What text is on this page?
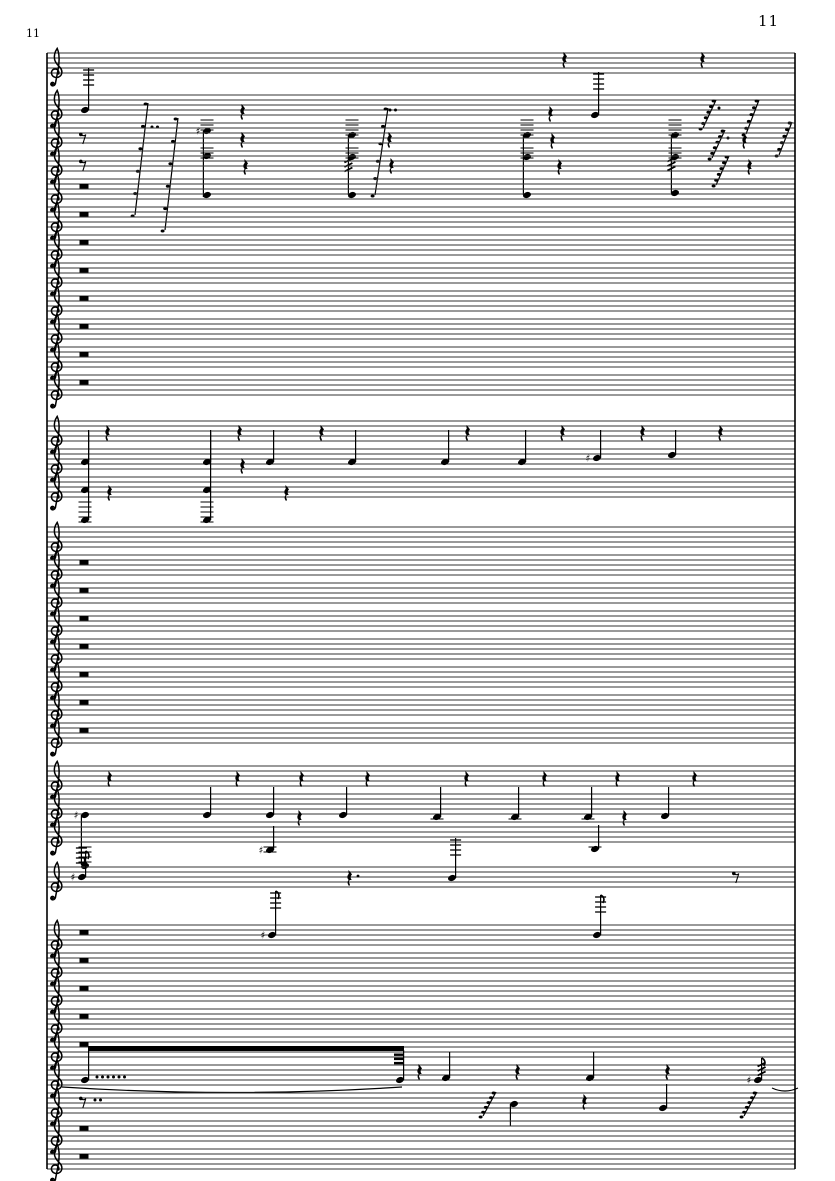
11
11
♯
♯
♯
♯
♯
♯
♯
